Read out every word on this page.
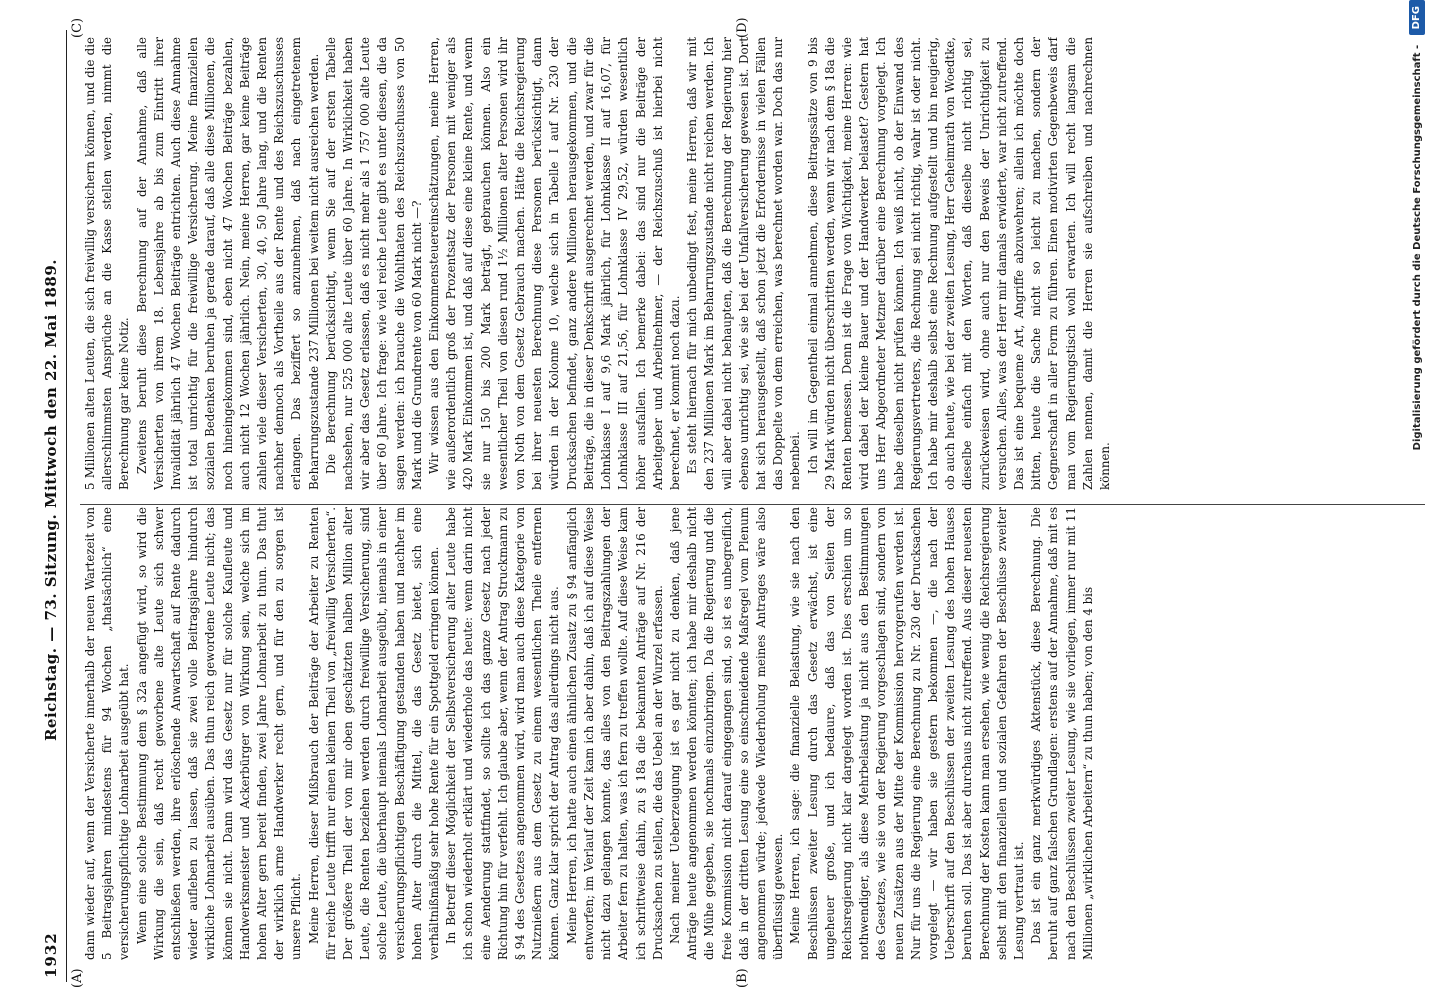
1932
Reichstag. — 73. Sitzung. Mittwoch den 22. Mai 1889. dann wieder auf, wenn der Versicherte innerhalb der neuen Wartezeit von 5 Beitragsjahren mindestens für 94 Wochen „thatsächlich“ eine versicherungspflichtige Lohnarbeit ausgeübt hat. Wenn eine solche Bestimmung dem § 32a angefügt wird, so wird die Wirkung die sein, daß recht geworbene alte Leute sich schwer entschließen werden, ihre erlöschende Anwartschaft auf Rente dadurch wieder aufleben zu lassen, daß sie zwei volle Beitragsjahre hindurch wirkliche Lohnarbeit ausüben. Das thun reich gewordene Leute nicht; das können sie nicht. Dann wird das Gesetz nur für solche Kaufleute und Handwerksmeister und Ackerbürger von Wirkung sein, welche sich im hohen Alter gern bereit finden, zwei Jahre Lohnarbeit zu thun. Das thut der wirklich arme Handwerker recht gern, und für den zu sorgen ist unsere Pflicht. Meine Herren, dieser Mißbrauch der Beiträge der Arbeiter zu Renten für reiche Leute trifft nur einen kleinen Theil von „freiwillig Versicherten“. Der größere Theil der von mir oben geschätzten halben Million alter Leute, die Renten beziehen werden durch freiwillige Versicherung, sind solche Leute, die überhaupt niemals Lohnarbeit ausgeübt, niemals in einer versicherungspflichtigen Beschäftigung gestanden haben und nachher im hohen Alter durch die Mittel, die das Gesetz bietet, sich eine verhältnißmäßig sehr hohe Rente für ein Spottgeld erringen können. In Betreff dieser Möglichkeit der Selbstversicherung alter Leute habe ich schon wiederholt erklärt und wiederhole das heute: wenn darin nicht eine Aenderung stattfindet, so sollte ich das ganze Gesetz nach jeder Richtung hin für verfehlt. Ich glaube aber, wenn der Antrag Struckmann zu § 94 des Gesetzes angenommen wird, wird man auch diese Kategorie von Nutznießern aus dem Gesetz zu einem wesentlichen Theile entfernen können. Ganz klar spricht der Antrag das allerdings nicht aus. Meine Herren, ich hatte auch einen ähnlichen Zusatz zu § 94 anfänglich entworfen; im Verlauf der Zeit kam ich aber dahin, daß ich auf diese Weise nicht dazu gelangen konnte, das alles von den Beitragszahlungen der Arbeiter fern zu halten, was ich fern zu treffen wollte. Auf diese Weise kam ich schrittweise dahin, zu § 18a die bekannten Anträge auf Nr. 216 der Drucksachen zu stellen, die das Uebel an der Wurzel erfassen. Nach meiner Ueberzeugung ist es gar nicht zu denken, daß jene Anträge heute angenommen werden könnten; ich habe mir deshalb nicht die Mühe gegeben, sie nochmals einzubringen. Da die Regierung und die freie Kommission nicht darauf eingegangen sind, so ist es unbegreiflich, daß in der dritten Lesung eine so einschneidende Maßregel vom Plenum angenommen würde; jedwede Wiederholung meines Antrages wäre also überflüssig gewesen. Meine Herren, ich sage: die finanzielle Belastung, wie sie nach den Beschlüssen zweiter Lesung durch das Gesetz erwächst, ist eine ungeheuer große, und ich bedaure, daß das von Seiten der Reichsregierung nicht klar dargelegt worden ist. Dies erschien um so nothwendiger, als diese Mehrbelastung ja nicht aus den Bestimmungen des Gesetzes, wie sie von der Regierung vorgeschlagen sind, sondern von neuen Zusätzen aus der Mitte der Kommission hervorgerufen werden ist. Nur für uns die Regierung eine Berechnung zu Nr. 230 der Drucksachen vorgelegt — wir haben sie gestern bekommen —, die nach der Ueberschrift auf den Beschlüssen der zweiten Lesung des hohen Hauses beruhen soll. Das ist aber durchaus nicht zutreffend. Aus dieser neuesten Berechnung der Kosten kann man ersehen, wie wenig die Reichsregierung selbst mit den finanziellen und sozialen Gefahren der Beschlüsse zweiter Lesung vertraut ist. Das ist ein ganz merkwürdiges Aktenstück, diese Berechnung. Die beruht auf ganz falschen Grundlagen: erstens auf der Annahme, daß mit es nach den Beschlüssen zweiter Lesung, wie sie vorliegen, immer nur mit 11 Millionen „wirklichen Arbeitern“ zu thun haben; von den 4 bis

5 Millionen alten Leuten, die sich freiwillig versichern können, und die die allerschlimmsten Ansprüche an die Kasse stellen werden, nimmt die Berechnung gar keine Notiz. Zweitens beruht diese Berechnung auf der Annahme, daß alle Versicherten von ihrem 18. Lebensjahre ab bis zum Eintritt ihrer Invalidität jährlich 47 Wochen Beiträge entrichten. Auch diese Annahme ist total unrichtig für die freiwillige Versicherung. Meine finanziellen sozialen Bedenken beruhen ja gerade darauf, daß alle diese Millionen, die noch hineingekommen sind, eben nicht 47 Wochen Beiträge bezahlen, auch nicht 12 Wochen jährlich. Nein, meine Herren, gar keine Beiträge zahlen viele dieser Versicherten, 30, 40, 50 Jahre lang, und die Renten nachher dennoch als Vortheile aus der Rente und des Reichszuschusses erlangen. Das beziffert so anzunehmen, daß nach eingetretenem Beharrungszustande 237 Millionen bei weitem nicht ausreichen werden. Die Berechnung berücksichtigt, wenn Sie auf der ersten Tabelle nachsehen, nur 525 000 alte Leute über 60 Jahre. In Wirklichkeit haben wir aber das Gesetz erlassen, daß es nicht mehr als 1 757 000 alte Leute über 60 Jahre. Ich frage: wie viel reiche Leute gibt es unter diesen, die da sagen werden: ich brauche die Wohlthaten des Reichszuschusses von 50 Mark und die Grundrente von 60 Mark nicht —? Wir wissen aus den Einkommensteuereinschätzungen, meine Herren, wie außerordentlich groß der Prozentsatz der Personen mit weniger als 420 Mark Einkommen ist, und daß auf diese eine kleine Rente, und wenn sie nur 150 bis 200 Mark beträgt, gebrauchen können. Also ein wesentlicher Theil von diesen rund 1½ Millionen alter Personen wird ihr von Noth von dem Gesetz Gebrauch machen. Hätte die Reichsregierung bei ihrer neuesten Berechnung diese Personen berücksichtigt, dann würden in der Kolonne 10, welche sich in Tabelle I auf Nr. 230 der Drucksachen befindet, ganz andere Millionen herausgekommen, und die Beiträge, die in dieser Denkschrift ausgerechnet werden, und zwar für die Lohnklasse I auf 9,6 Mark jährlich, für Lohnklasse II auf 16,07, für Lohnklasse III auf 21,56, für Lohnklasse IV 29,52, würden wesentlich höher ausfallen. Ich bemerke dabei: das sind nur die Beiträge der Arbeitgeber und Arbeitnehmer, — der Reichszuschuß ist hierbei nicht berechnet, er kommt noch dazu. Es steht hiernach für mich unbedingt fest, meine Herren, daß wir mit den 237 Millionen Mark im Beharrungszustande nicht reichen werden. Ich will aber dabei nicht behaupten, daß die Berechnung der Regierung hier ebenso unrichtig sei, wie sie bei der Unfallversicherung gewesen ist. Dort hat sich herausgestellt, daß schon jetzt die Erfordernisse in vielen Fällen das Doppelte von dem erreichen, was berechnet worden war. Doch das nur nebenbei. Ich will im Gegentheil einmal annehmen, diese Beitragssätze von 9 bis 29 Mark würden nicht überschritten werden, wenn wir nach dem § 18a die Renten bemessen. Denn ist die Frage von Wichtigkeit, meine Herren: wie wird dabei der kleine Bauer und der Handwerker belastet? Gestern hat uns Herr Abgeordneter Metzner darüber eine Berechnung vorgelegt. Ich habe dieselben nicht prüfen können. Ich weiß nicht, ob der Einwand des Regierungsvertreters, die Rechnung sei nicht richtig, wahr ist oder nicht. Ich habe mir deshalb selbst eine Rechnung aufgestellt und bin neugierig, ob auch heute, wie bei der zweiten Lesung, Herr Geheimrath von Woedtke, dieselbe einfach mit den Worten, daß dieselbe nicht richtig sei, zurückweisen wird, ohne auch nur den Beweis der Unrichtigkeit zu versuchen. Alles, was der Herr mir damals erwiderte, war nicht zutreffend. Das ist eine bequeme Art, Angriffe abzuwehren; allein ich möchte doch bitten, heute die Sache nicht so leicht zu machen, sondern der Gegnerschaft in aller Form zu führen. Einen motivirten Gegenbeweis darf man vom Regierungstisch wohl erwarten. Ich will recht langsam die Zahlen nennen, damit die Herren sie aufschreiben und nachrechnen können.

(A)	(B)
(C)	(D)
Digitalisierung gefördert durch die Deutsche Forschungsgemeinschaft - DFG
